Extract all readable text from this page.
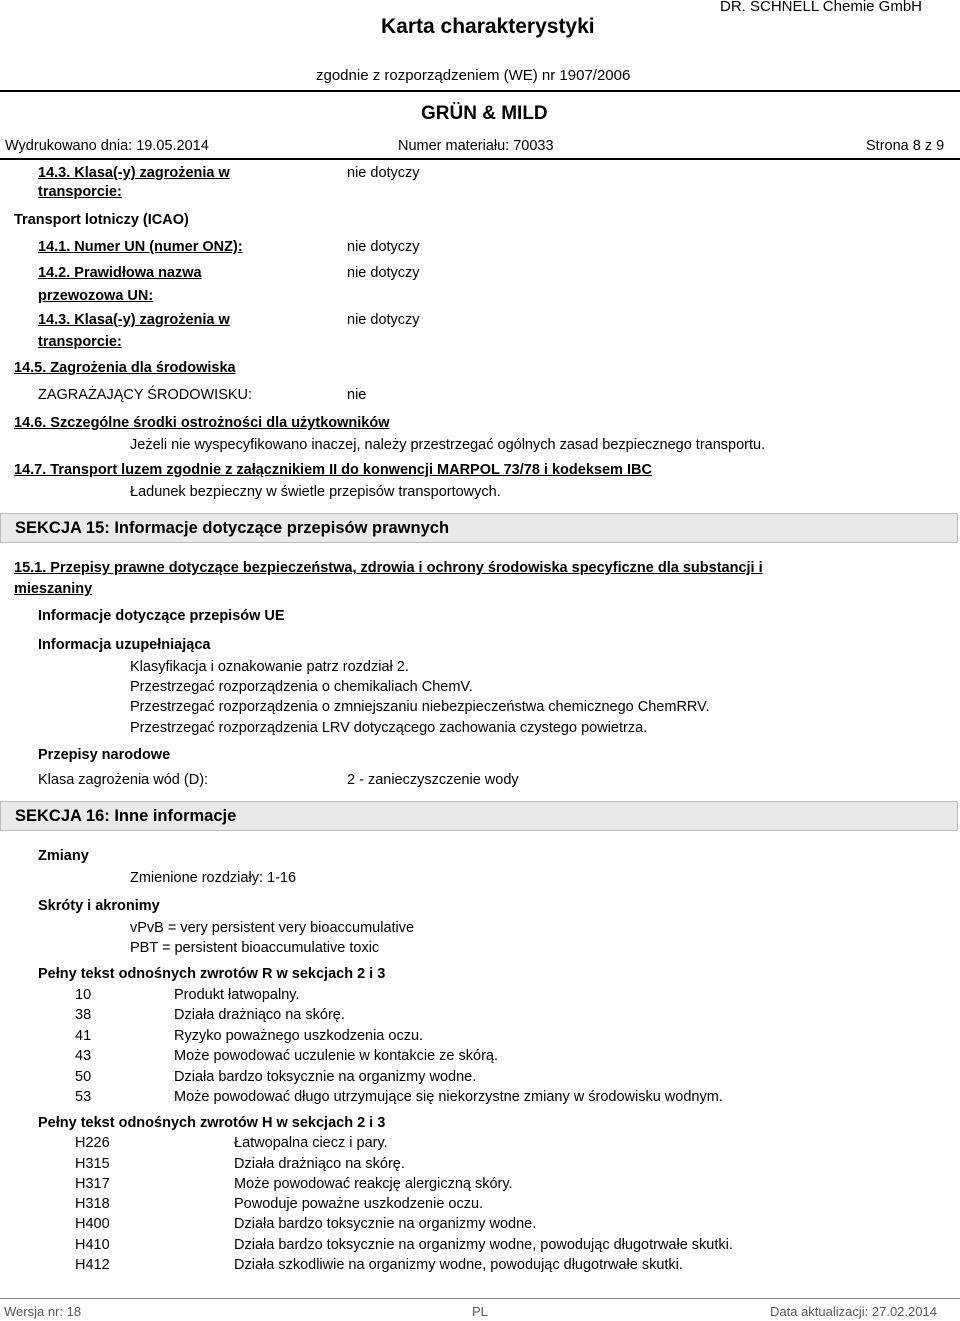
Karta charakterystyki
DR. SCHNELL Chemie GmbH
zgodnie z rozporządzeniem (WE) nr 1907/2006
GRÜN & MILD
Wydrukowano dnia: 19.05.2014	Numer materiału: 70033	Strona 8 z 9
14.3. Klasa(-y) zagrożenia w
transporcie:
nie dotyczy
Transport lotniczy (ICAO)
14.1. Numer UN (numer ONZ):	nie dotyczy
14.2. Prawidłowa nazwa
przewozowa UN:
nie dotyczy
14.3. Klasa(-y) zagrożenia w
transporcie:
nie dotyczy
14.5. Zagrożenia dla środowiska
ZAGRAŻAJĄCY ŚRODOWISKU:	nie
14.6. Szczególne środki ostrożności dla użytkowników
Jeżeli nie wyspecyfikowano inaczej, należy przestrzegać ogólnych zasad bezpiecznego transportu.
14.7. Transport luzem zgodnie z załącznikiem II do konwencji MARPOL 73/78 i kodeksem IBC
Ładunek bezpieczny w świetle przepisów transportowych.
SEKCJA 15: Informacje dotyczące przepisów prawnych
15.1. Przepisy prawne dotyczące bezpieczeństwa, zdrowia i ochrony środowiska specyficzne dla substancji i
mieszaniny
Informacje dotyczące przepisów UE
Informacja uzupełniająca
Klasyfikacja i oznakowanie patrz rozdział 2.
Przestrzegać rozporządzenia o chemikaliach ChemV.
Przestrzegać rozporządzenia o zmniejszaniu niebezpieczeństwa chemicznego ChemRRV.
Przestrzegać rozporządzenia LRV dotyczącego zachowania czystego powietrza.
Przepisy narodowe
Klasa zagrożenia wód (D):	2 - zanieczyszczenie wody
SEKCJA 16: Inne informacje
Zmiany
Zmienione rozdziały: 1-16
Skróty i akronimy
vPvB = very persistent very bioaccumulative
PBT = persistent bioaccumulative toxic
Pełny tekst odnośnych zwrotów R w sekcjach 2 i 3
10	Produkt łatwopalny.
38	Działa drażniąco na skórę.
41	Ryzyko poważnego uszkodzenia oczu.
43	Może powodować uczulenie w kontakcie ze skórą.
50	Działa bardzo toksycznie na organizmy wodne.
53	Może powodować długo utrzymujące się niekorzystne zmiany w środowisku wodnym.
Pełny tekst odnośnych zwrotów H w sekcjach 2 i 3
H226	Łatwopalna ciecz i pary.
H315	Działa drażniąco na skórę.
H317	Może powodować reakcję alergiczną skóry.
H318	Powoduje poważne uszkodzenie oczu.
H400	Działa bardzo toksycznie na organizmy wodne.
H410	Działa bardzo toksycznie na organizmy wodne, powodując długotrwałe skutki.
H412	Działa szkodliwie na organizmy wodne, powodując długotrwałe skutki.
Wersja nr: 18	PL	Data aktualizacji: 27.02.2014
